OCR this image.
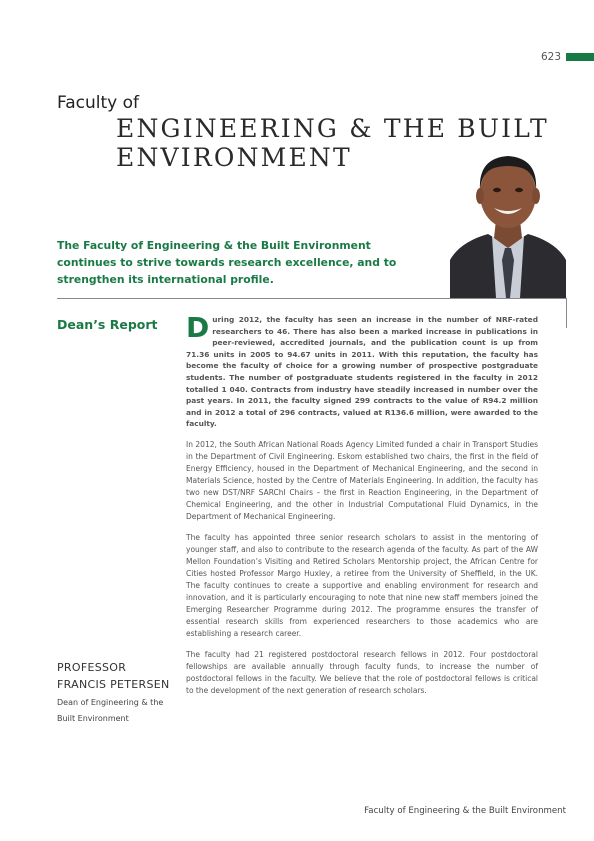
623
Faculty of
ENGINEERING & THE BUILT
ENVIRONMENT
The Faculty of Engineering & the Built Environment continues to strive towards research excellence, and to strengthen its international profile.
Dean’s Report During 2012, the faculty has seen an increase in the number of NRF-rated researchers to 46. There has also been a marked increase in publications in peer-reviewed, accredited journals, and the publication count is up from 71.36 units in 2005 to 94.67 units in 2011. With this reputation, the faculty has become the faculty of choice for a growing number of prospective postgraduate students. The number of postgraduate students registered in the faculty in 2012 totalled 1 040. Contracts from industry have steadily increased in number over the past years. In 2011, the faculty signed 299 contracts to the value of R94.2 million and in 2012 a total of 296 contracts, valued at R136.6 million, were awarded to the faculty.

In 2012, the South African National Roads Agency Limited funded a chair in Transport Studies in the Department of Civil Engineering. Eskom established two chairs, the first in the field of Energy Efficiency, housed in the Department of Mechanical Engineering, and the second in Materials Science, hosted by the Centre of Materials Engineering. In addition, the faculty has two new DST/NRF SARChI Chairs – the first in Reaction Engineering, in the Department of Chemical Engineering, and the other in Industrial Computational Fluid Dynamics, in the Department of Mechanical Engineering.

The faculty has appointed three senior research scholars to assist in the mentoring of younger staff, and also to contribute to the research agenda of the faculty. As part of the AW Mellon Foundation’s Visiting and Retired Scholars Mentorship project, the African Centre for Cities hosted Professor Margo Huxley, a retiree from the University of Sheffield, in the UK. The faculty continues to create a supportive and enabling environment for research and innovation, and it is particularly encouraging to note that nine new staff members joined the Emerging Researcher Programme during 2012. The programme ensures the transfer of essential research skills from experienced researchers to those academics who are establishing a research career.

The faculty had 21 registered postdoctoral research fellows in 2012. Four postdoctoral fellowships are available annually through faculty funds, to increase the number of postdoctoral fellows in the faculty. We believe that the role of postdoctoral fellows is critical to the development of the next generation of research scholars.

PROFESSOR
FRANCIS PETERSEN
Dean of Engineering & the Built Environment
Faculty of Engineering & the Built Environment
